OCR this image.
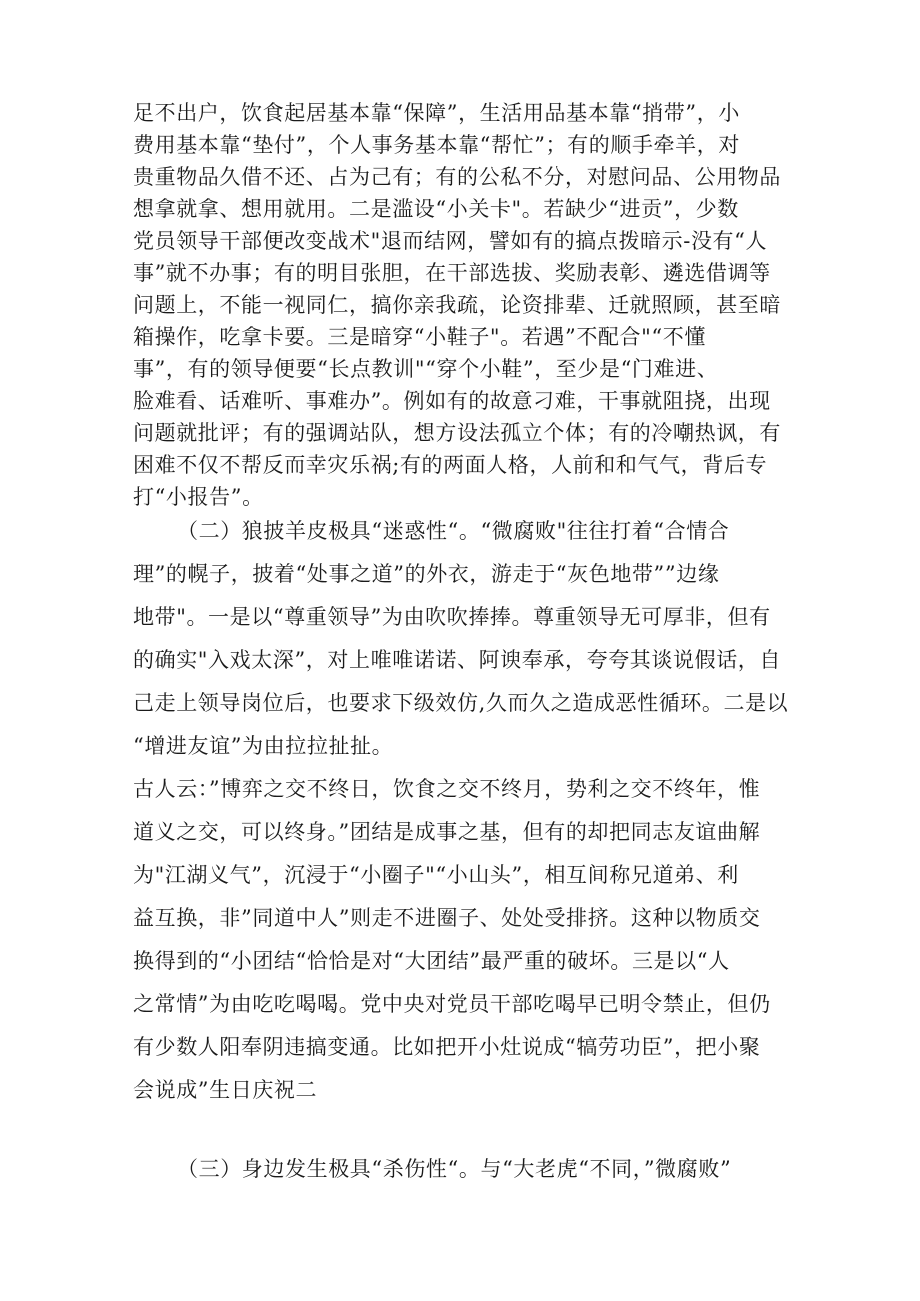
足不出户，饮食起居基本靠“保障”，生活用品基本靠“捎带”，小
费用基本靠“垫付”，个人事务基本靠“帮忙”；有的顺手牵羊，对
贵重物品久借不还、占为己有；有的公私不分，对慰问品、公用物品
想拿就拿、想用就用。二是滥设“小关卡"。若缺少“进贡”，少数
党员领导干部便改变战术"退而结网，譬如有的搞点拨暗示-没有“人
事”就不办事；有的明目张胆，在干部选拔、奖励表彰、遴选借调等
问题上，不能一视同仁，搞你亲我疏，论资排辈、迁就照顾，甚至暗
箱操作，吃拿卡要。三是暗穿“小鞋子"。若遇”不配合"“不懂
事”，有的领导便要“长点教训"“穿个小鞋”，至少是“门难进、
脸难看、话难听、事难办”。例如有的故意刁难，干事就阻挠，出现
问题就批评；有的强调站队，想方设法孤立个体；有的冷嘲热讽，有
困难不仅不帮反而幸灾乐祸;有的两面人格，人前和和气气，背后专
打“小报告”。
（二）狼披羊皮极具“迷惑性“。“微腐败"往往打着“合情合
理”的幌子，披着“处事之道”的外衣，游走于“灰色地带””边缘
地带"。一是以“尊重领导”为由吹吹捧捧。尊重领导无可厚非，但有
的确实"入戏太深”，对上唯唯诺诺、阿谀奉承，夸夸其谈说假话，自
己走上领导岗位后，也要求下级效仿,久而久之造成恶性循环。二是以
“增进友谊”为由拉拉扯扯。
古人云：”博弈之交不终日，饮食之交不终月，势利之交不终年，惟
道义之交，可以终身。”团结是成事之基，但有的却把同志友谊曲解
为"江湖义气”，沉浸于“小圈子"“小山头”，相互间称兄道弟、利
益互换，非”同道中人”则走不进圈子、处处受排挤。这种以物质交
换得到的“小团结“恰恰是对“大团结”最严重的破坏。三是以“人
之常情”为由吃吃喝喝。党中央对党员干部吃喝早已明令禁止，但仍
有少数人阳奉阴违搞变通。比如把开小灶说成“犒劳功臣”，把小聚
会说成”生日庆祝二
（三）身边发生极具“杀伤性“。与“大老虎“不同，”微腐败”
